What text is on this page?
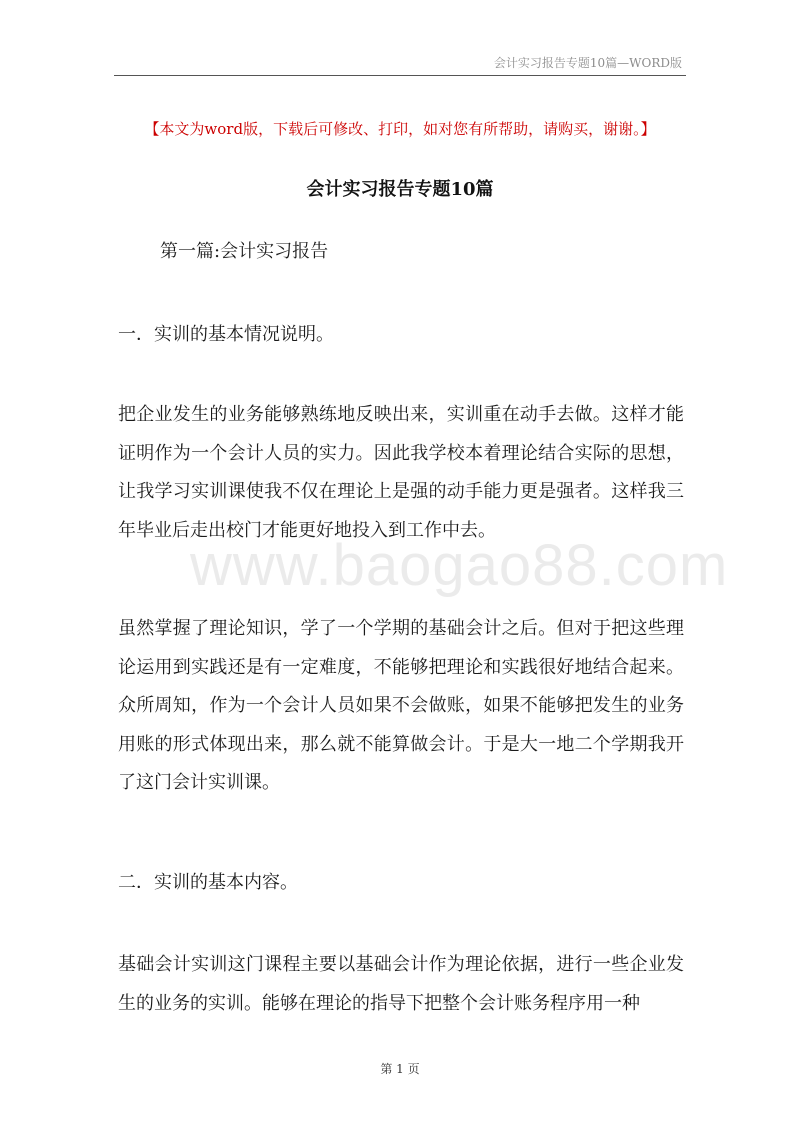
会计实习报告专题10篇—WORD版
www.baogao88.com
【本文为word版，下载后可修改、打印，如对您有所帮助，请购买，谢谢。】
会计实习报告专题10篇
第一篇:会计实习报告
一．实训的基本情况说明。

把企业发生的业务能够熟练地反映出来，实训重在动手去做。这样才能证明作为一个会计人员的实力。因此我学校本着理论结合实际的思想，让我学习实训课使我不仅在理论上是强的动手能力更是强者。这样我三年毕业后走出校门才能更好地投入到工作中去。

虽然掌握了理论知识，学了一个学期的基础会计之后。但对于把这些理论运用到实践还是有一定难度，不能够把理论和实践很好地结合起来。众所周知，作为一个会计人员如果不会做账，如果不能够把发生的业务用账的形式体现出来，那么就不能算做会计。于是大一地二个学期我开了这门会计实训课。

二．实训的基本内容。

基础会计实训这门课程主要以基础会计作为理论依据，进行一些企业发生的业务的实训。能够在理论的指导下把整个会计账务程序用一种

第 1 页
